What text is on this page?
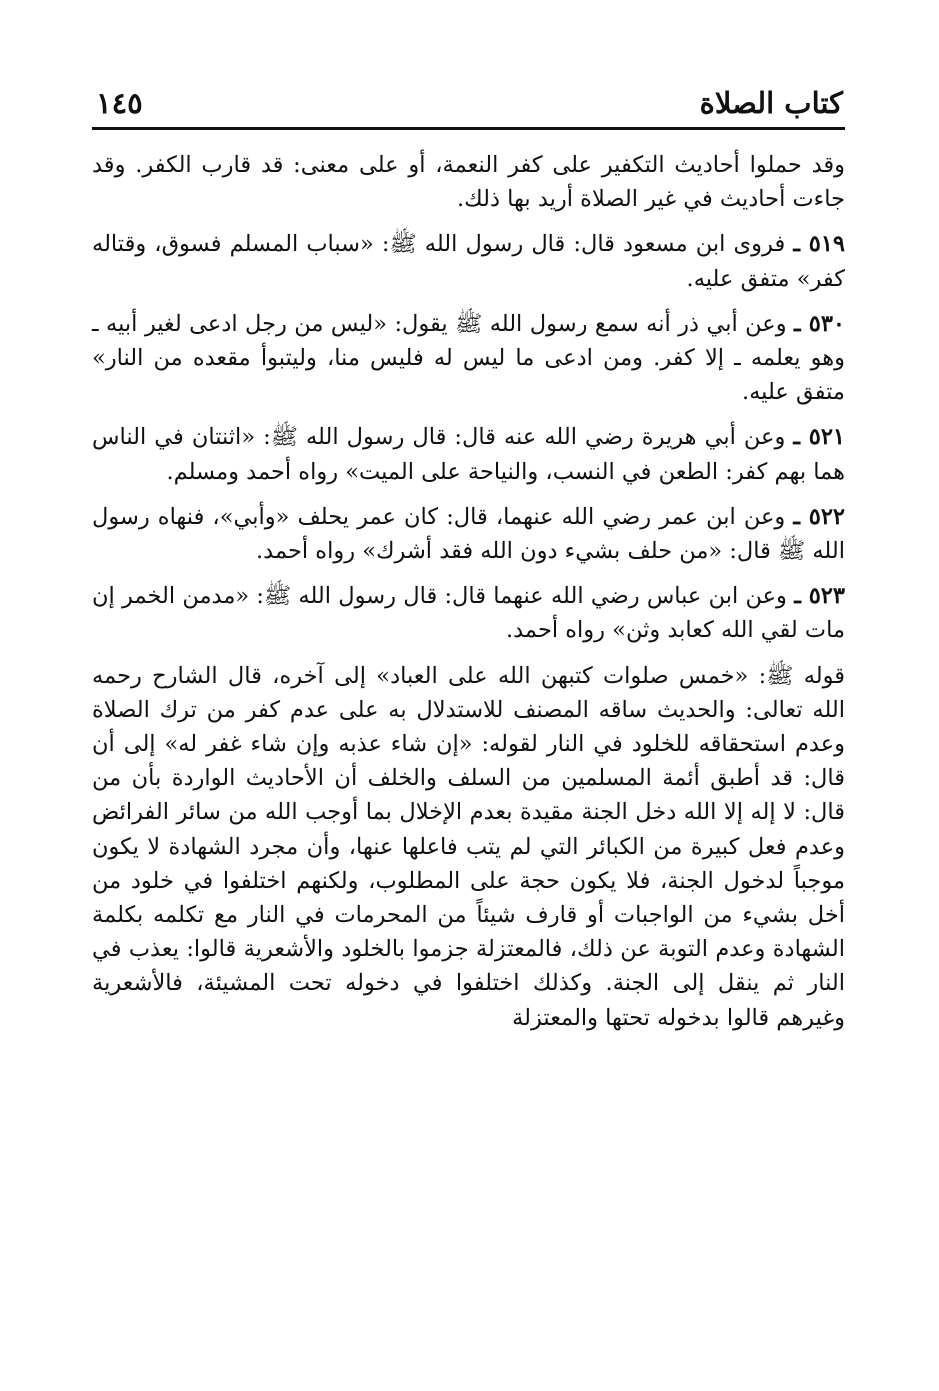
كتاب الصلاة
١٤٥

وقد حملوا أحاديث التكفير على كفر النعمة، أو على معنى: قد قارب الكفر. وقد جاءت أحاديث في غير الصلاة أريد بها ذلك.

٥١٩ ـ فروى ابن مسعود قال: قال رسول الله ﷺ: «سباب المسلم فسوق، وقتاله كفر» متفق عليه.

٥٣٠ ـ وعن أبي ذر أنه سمع رسول الله ﷺ يقول: «ليس من رجل ادعى لغير أبيه ـ وهو يعلمه ـ إلا كفر. ومن ادعى ما ليس له فليس منا، وليتبوأ مقعده من النار» متفق عليه.

٥٢١ ـ وعن أبي هريرة رضي الله عنه قال: قال رسول الله ﷺ: «اثنتان في الناس هما بهم كفر: الطعن في النسب، والنياحة على الميت» رواه أحمد ومسلم.

٥٢٢ ـ وعن ابن عمر رضي الله عنهما، قال: كان عمر يحلف «وأبي»، فنهاه رسول الله ﷺ قال: «من حلف بشيء دون الله فقد أشرك» رواه أحمد.

٥٢٣ ـ وعن ابن عباس رضي الله عنهما قال: قال رسول الله ﷺ: «مدمن الخمر إن مات لقي الله كعابد وثن» رواه أحمد.

قوله ﷺ: «خمس صلوات كتبهن الله على العباد» إلى آخره، قال الشارح رحمه الله تعالى: والحديث ساقه المصنف للاستدلال به على عدم كفر من ترك الصلاة وعدم استحقاقه للخلود في النار لقوله: «إن شاء عذبه وإن شاء غفر له» إلى أن قال: قد أطبق أئمة المسلمين من السلف والخلف أن الأحاديث الواردة بأن من قال: لا إله إلا الله دخل الجنة مقيدة بعدم الإخلال بما أوجب الله من سائر الفرائض وعدم فعل كبيرة من الكبائر التي لم يتب فاعلها عنها، وأن مجرد الشهادة لا يكون موجباً لدخول الجنة، فلا يكون حجة على المطلوب، ولكنهم اختلفوا في خلود من أخل بشيء من الواجبات أو قارف شيئاً من المحرمات في النار مع تكلمه بكلمة الشهادة وعدم التوبة عن ذلك، فالمعتزلة جزموا بالخلود والأشعرية قالوا: يعذب في النار ثم ينقل إلى الجنة. وكذلك اختلفوا في دخوله تحت المشيئة، فالأشعرية وغيرهم قالوا بدخوله تحتها والمعتزلة
